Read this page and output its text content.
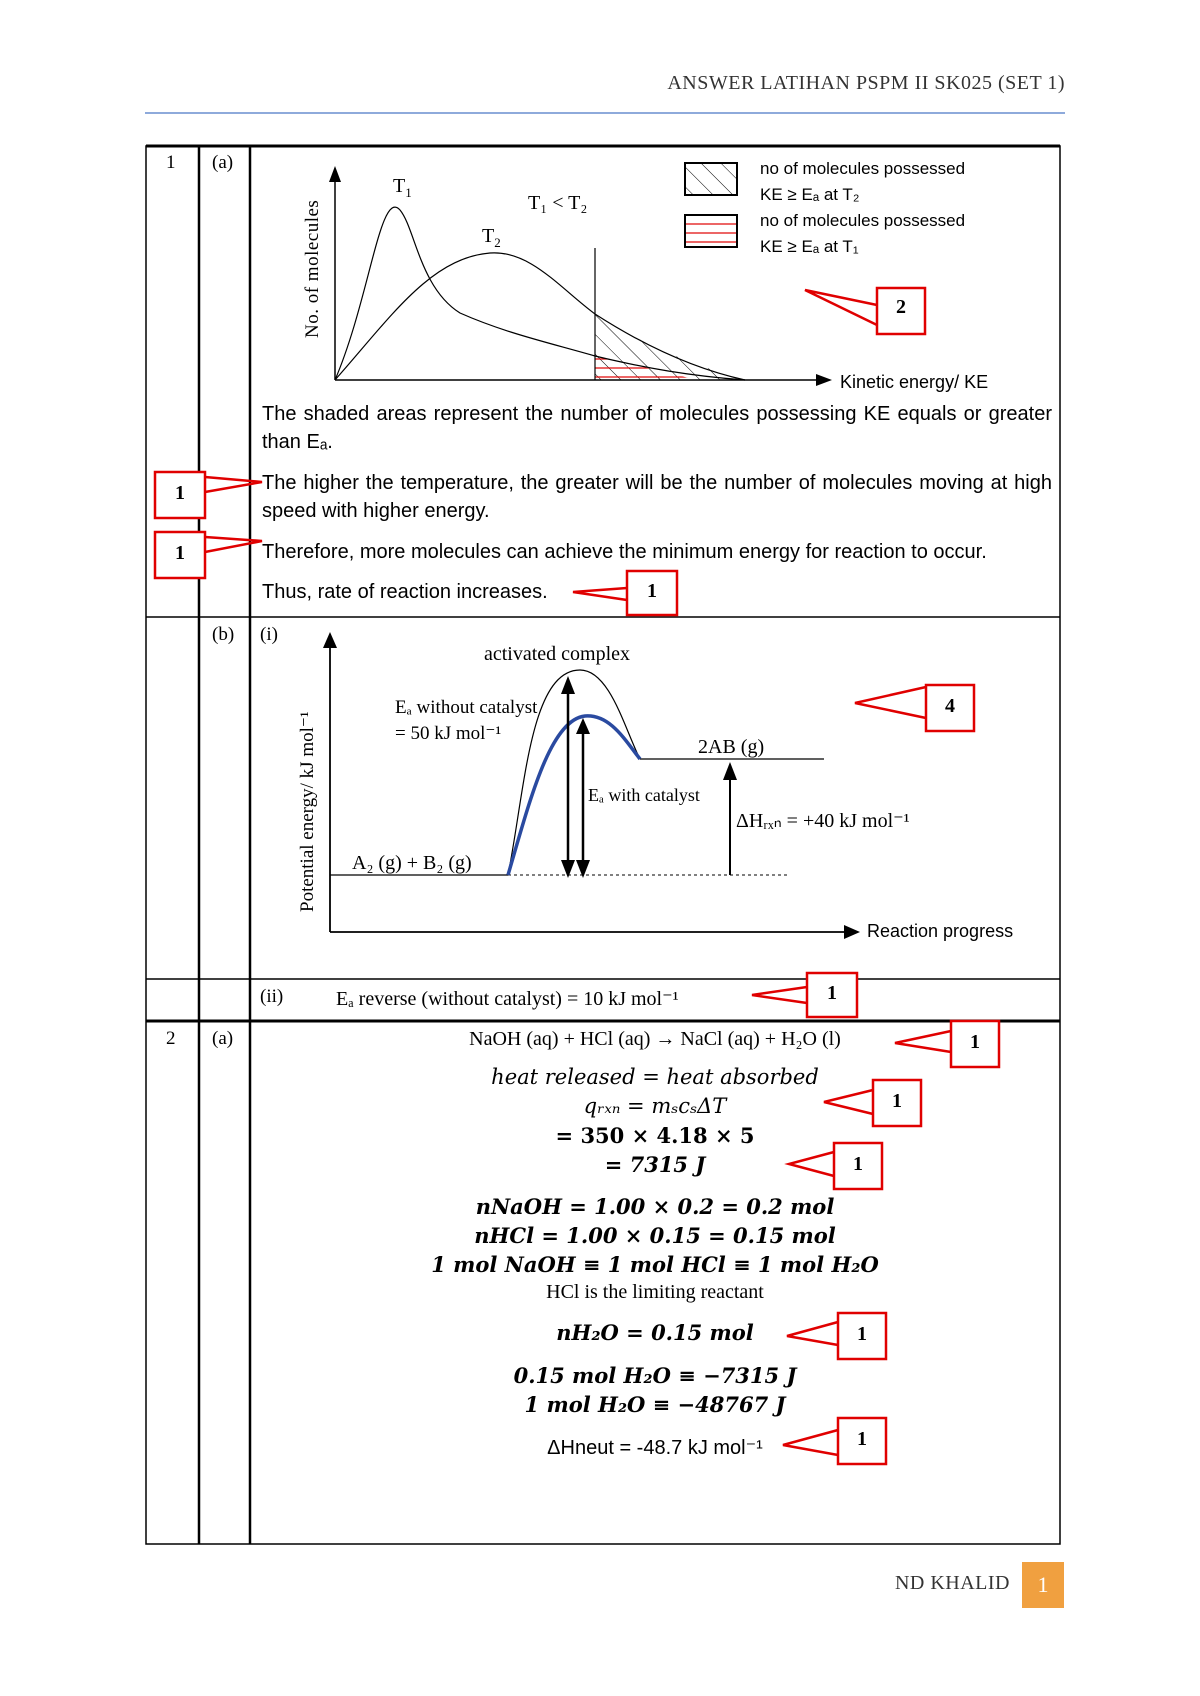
ANSWER LATIHAN PSPM II SK025 (SET 1)
1 (a)
(b) (i)
(ii)
No. of molecules
Kinetic energy/ KE
$T_1$
$T_2$
T₁ < T₂
no of molecules possessed
KE ≥ Eₐ at T₂
no of molecules possessed
KE ≥ Eₐ at T₁
The shaded areas represent the number of molecules possessing KE equals or greater than Eₐ.
The higher the temperature, the greater will be the number of molecules moving at high speed with higher energy.
Therefore, more molecules can achieve the minimum energy for reaction to occur.
Thus, rate of reaction increases.
Potential energy/ kJ mol⁻¹
Reaction progress
activated complex
Eₐ without catalyst
= 50 kJ mol⁻¹
2AB (g)
Eₐ with catalyst
ΔHᵣₓₙ = +40 kJ mol⁻¹
A₂ (g) + B₂ (g)
Eₐ reverse (without catalyst) = 10 kJ mol⁻¹
2 (a)	NaOH (aq) + HCl (aq) → NaCl (aq) + H₂O (l)
heat released = heat absorbed
qᵣₓₙ = mₛcₛΔT
= 350 × 4.18 × 5
= 7315 J
nNaOH = 1.00 × 0.2 = 0.2 mol
nHCl = 1.00 × 0.15 = 0.15 mol
1 mol NaOH ≡ 1 mol HCl ≡ 1 mol H₂O
HCl is the limiting reactant
nH₂O = 0.15 mol
0.15 mol H₂O ≡ −7315 J
1 mol H₂O ≡ −48767 J
ΔHneut = -48.7 kJ mol⁻¹
2
1
1
1
4
1
1
1
1
1
1
ND KHALID	1
